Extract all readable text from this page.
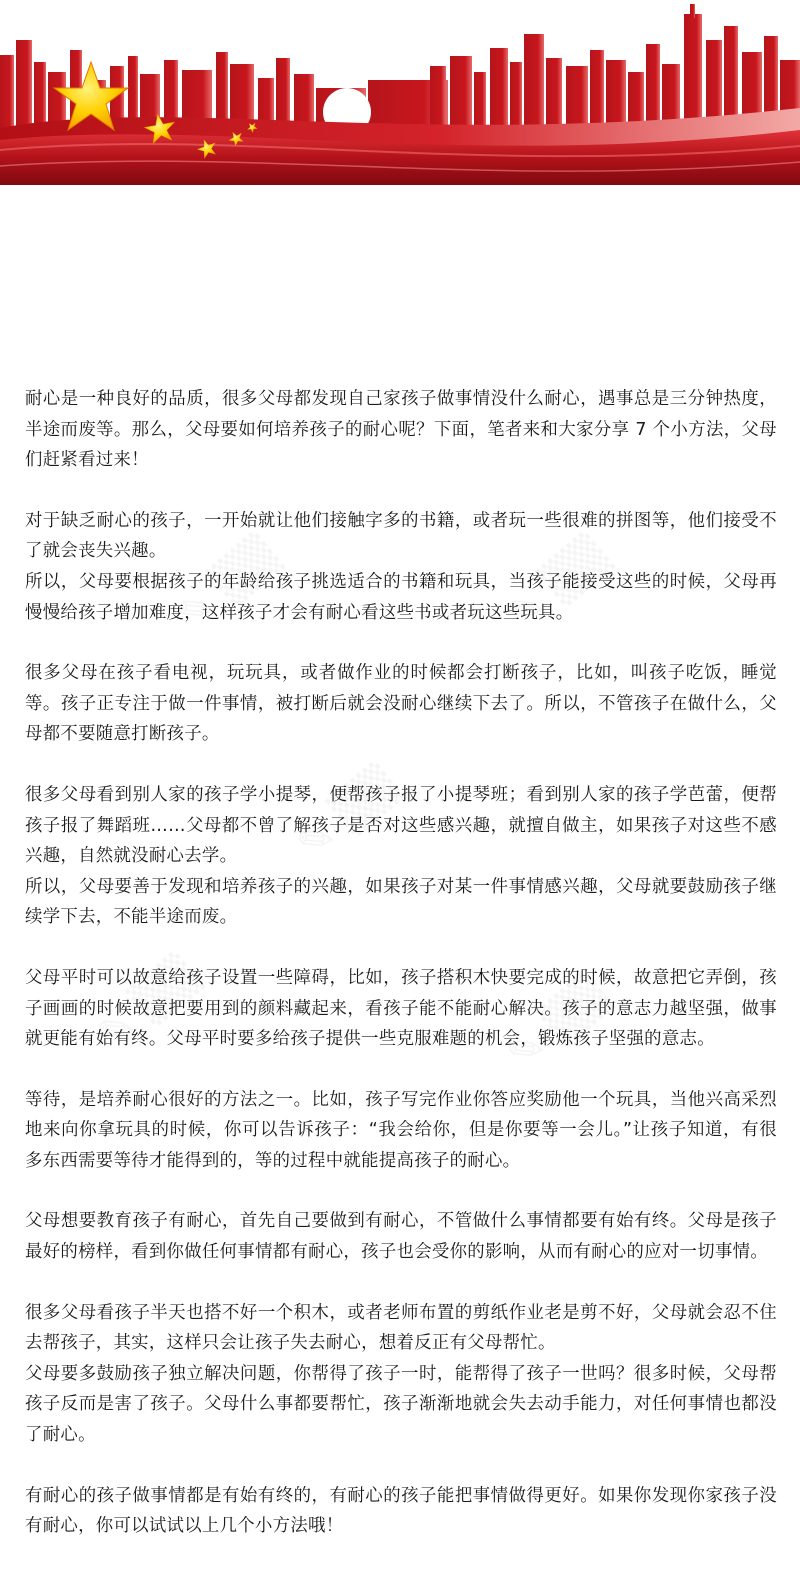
✎ ▒▒	✎ ▒▒
✎ ▒▒
✎ ▒▒	✎ ▒▒

耐心是一种良好的品质，很多父母都发现自己家孩子做事情没什么耐心，遇事总是三分钟热度，半途而废等。那么，父母要如何培养孩子的耐心呢？下面，笔者来和大家分享 7 个小方法，父母们赶紧看过来！

对于缺乏耐心的孩子，一开始就让他们接触字多的书籍，或者玩一些很难的拼图等，他们接受不了就会丧失兴趣。
所以，父母要根据孩子的年龄给孩子挑选适合的书籍和玩具，当孩子能接受这些的时候，父母再慢慢给孩子增加难度，这样孩子才会有耐心看这些书或者玩这些玩具。

很多父母在孩子看电视，玩玩具，或者做作业的时候都会打断孩子，比如，叫孩子吃饭，睡觉等。孩子正专注于做一件事情，被打断后就会没耐心继续下去了。所以，不管孩子在做什么，父母都不要随意打断孩子。

很多父母看到别人家的孩子学小提琴，便帮孩子报了小提琴班；看到别人家的孩子学芭蕾，便帮孩子报了舞蹈班……父母都不曾了解孩子是否对这些感兴趣，就擅自做主，如果孩子对这些不感兴趣，自然就没耐心去学。
所以，父母要善于发现和培养孩子的兴趣，如果孩子对某一件事情感兴趣，父母就要鼓励孩子继续学下去，不能半途而废。

父母平时可以故意给孩子设置一些障碍，比如，孩子搭积木快要完成的时候，故意把它弄倒，孩子画画的时候故意把要用到的颜料藏起来，看孩子能不能耐心解决。孩子的意志力越坚强，做事就更能有始有终。父母平时要多给孩子提供一些克服难题的机会，锻炼孩子坚强的意志。

等待，是培养耐心很好的方法之一。比如，孩子写完作业你答应奖励他一个玩具，当他兴高采烈地来向你拿玩具的时候，你可以告诉孩子：“我会给你，但是你要等一会儿。”让孩子知道，有很多东西需要等待才能得到的，等的过程中就能提高孩子的耐心。

父母想要教育孩子有耐心，首先自己要做到有耐心，不管做什么事情都要有始有终。父母是孩子最好的榜样，看到你做任何事情都有耐心，孩子也会受你的影响，从而有耐心的应对一切事情。

很多父母看孩子半天也搭不好一个积木，或者老师布置的剪纸作业老是剪不好，父母就会忍不住去帮孩子，其实，这样只会让孩子失去耐心，想着反正有父母帮忙。
父母要多鼓励孩子独立解决问题，你帮得了孩子一时，能帮得了孩子一世吗？很多时候，父母帮孩子反而是害了孩子。父母什么事都要帮忙，孩子渐渐地就会失去动手能力，对任何事情也都没了耐心。

有耐心的孩子做事情都是有始有终的，有耐心的孩子能把事情做得更好。如果你发现你家孩子没有耐心，你可以试试以上几个小方法哦！
